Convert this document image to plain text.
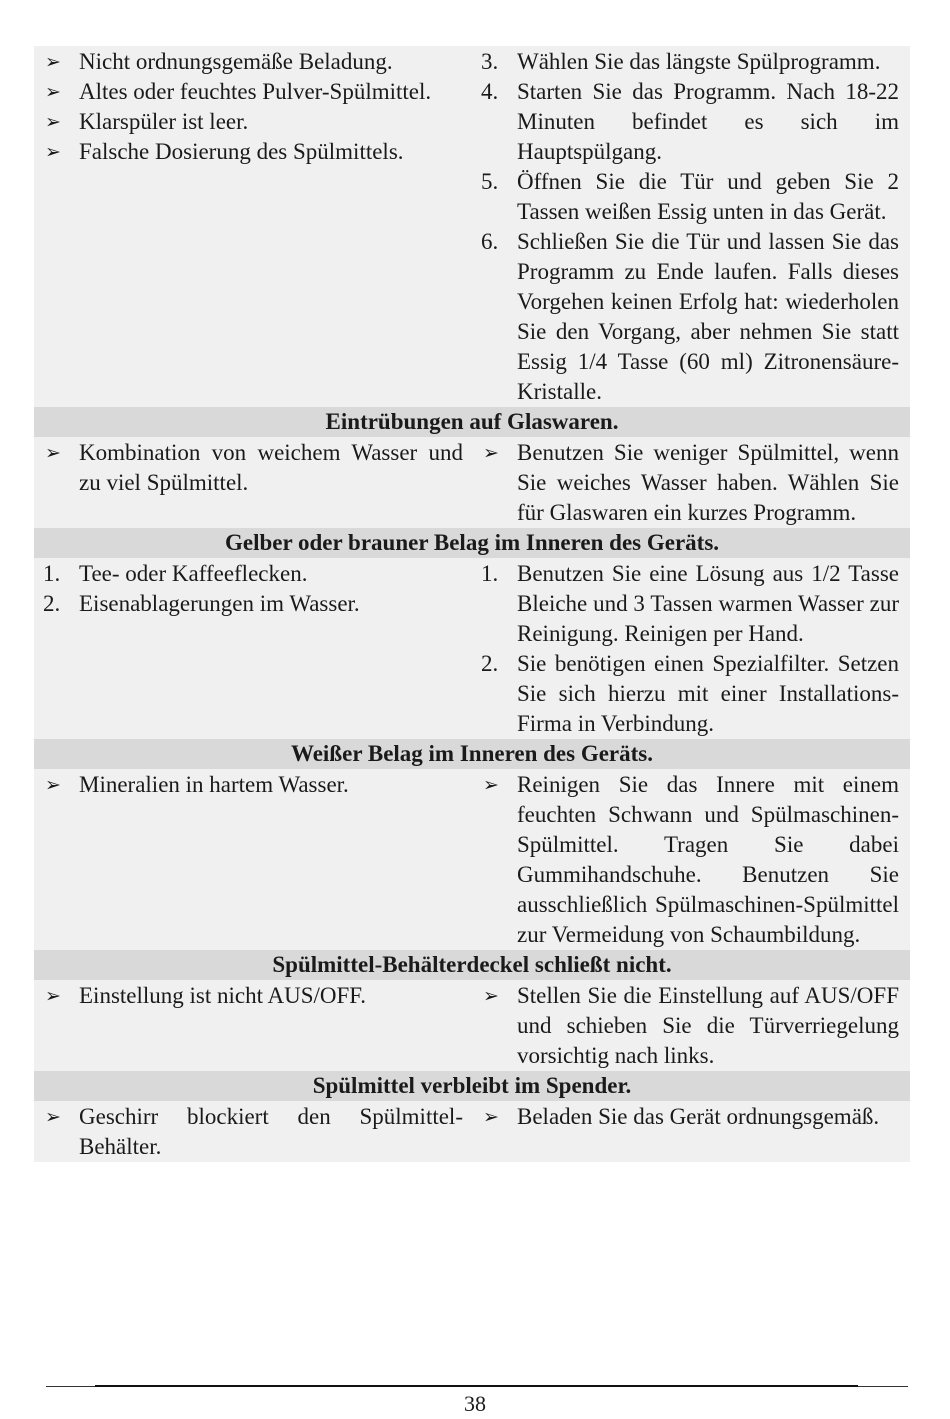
➢ Nicht ordnungsgemäße Beladung.
➢ Altes oder feuchtes Pulver-Spülmittel.
➢ Klarspüler ist leer.
➢ Falsche Dosierung des Spülmittels.
3. Wählen Sie das längste Spülprogramm.
4. Starten Sie das Programm. Nach 18-22 Minuten befindet es sich im Hauptspülgang.
5. Öffnen Sie die Tür und geben Sie 2 Tassen weißen Essig unten in das Gerät.
6. Schließen Sie die Tür und lassen Sie das Programm zu Ende laufen. Falls dieses Vorgehen keinen Erfolg hat: wiederholen Sie den Vorgang, aber nehmen Sie statt Essig 1/4 Tasse (60 ml) Zitronensäure-Kristalle.
Eintrübungen auf Glaswaren.
➢ Kombination von weichem Wasser und zu viel Spülmittel.
➢ Benutzen Sie weniger Spülmittel, wenn Sie weiches Wasser haben. Wählen Sie für Glaswaren ein kurzes Programm.
Gelber oder brauner Belag im Inneren des Geräts.
1. Tee- oder Kaffeeflecken.
2. Eisenablagerungen im Wasser.
1. Benutzen Sie eine Lösung aus 1/2 Tasse Bleiche und 3 Tassen warmen Wasser zur Reinigung. Reinigen per Hand.
2. Sie benötigen einen Spezialfilter. Setzen Sie sich hierzu mit einer Installations-Firma in Verbindung.
Weißer Belag im Inneren des Geräts.
➢ Mineralien in hartem Wasser.	➢ Reinigen Sie das Innere mit einem feuchten Schwann und Spülmaschinen-Spülmittel. Tragen Sie dabei Gummihandschuhe. Benutzen Sie ausschließlich Spülmaschinen-Spülmittel zur Vermeidung von Schaumbildung.
Spülmittel-Behälterdeckel schließt nicht.
➢ Einstellung ist nicht AUS/OFF.	➢ Stellen Sie die Einstellung auf AUS/OFF und schieben Sie die Türverriegelung vorsichtig nach links.
Spülmittel verbleibt im Spender.
➢ Geschirr blockiert den Spülmittel-Behälter.
➢ Beladen Sie das Gerät ordnungsgemäß.
38
